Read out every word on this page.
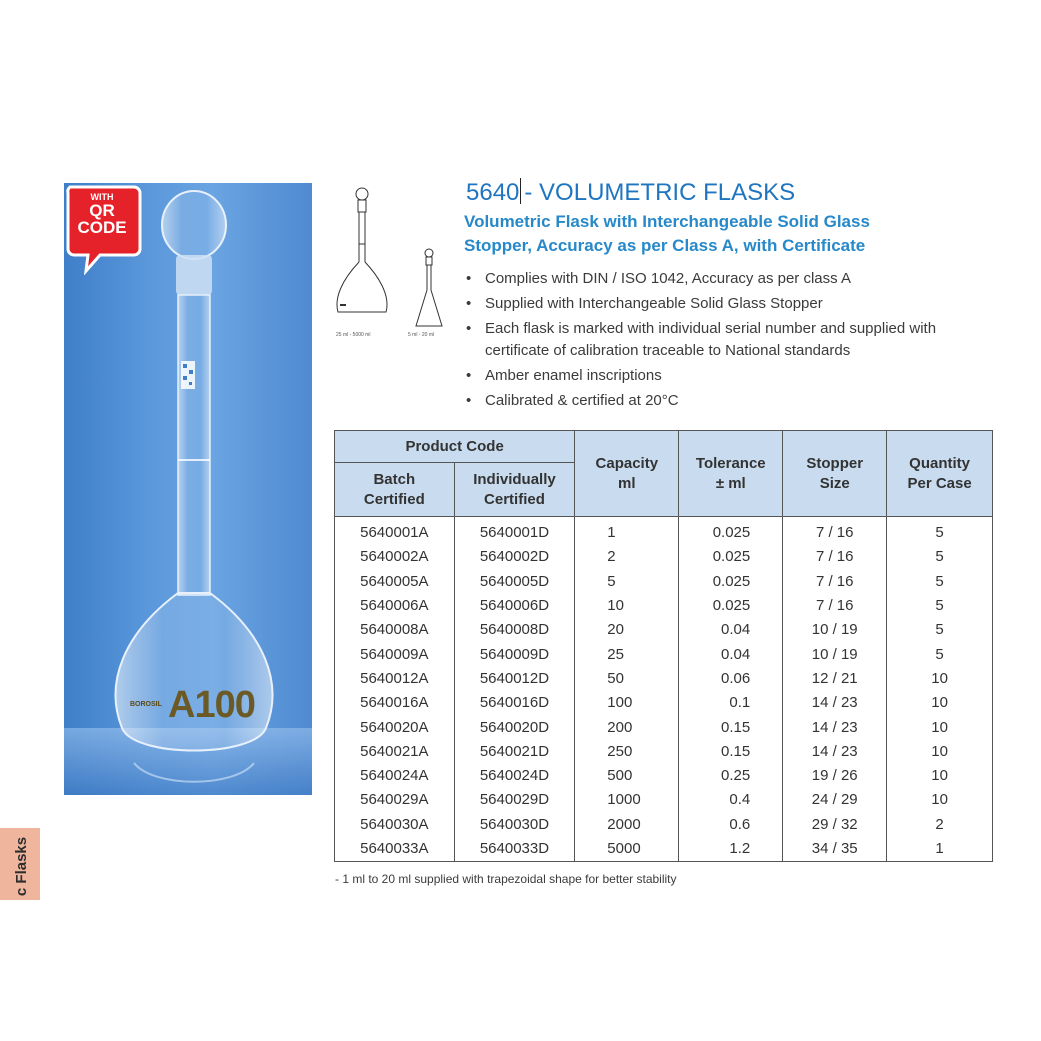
WITH
QR
CODE
BOROSIL A100
c Flasks
25 ml - 5000 ml	5 ml - 20 ml
5640 - VOLUMETRIC FLASKS
Volumetric Flask with Interchangeable Solid Glass
Stopper, Accuracy as per Class A, with Certificate
• Complies with DIN / ISO 1042, Accuracy as per class A
• Supplied with Interchangeable Solid Glass Stopper
• Each flask is marked with individual serial number and supplied with certificate of calibration traceable to National standards
• Amber enamel inscriptions
• Calibrated & certified at 20°C
Product Code		Capacity ml	Tolerance ± ml	Stopper Size	Quantity Per Case
Batch Certified	Individually Certified				
5640001A	5640001D	1	0.025	7 / 16	5
5640002A	5640002D	2	0.025	7 / 16	5
5640005A	5640005D	5	0.025	7 / 16	5
5640006A	5640006D	10	0.025	7 / 16	5
5640008A	5640008D	20	0.04	10 / 19	5
5640009A	5640009D	25	0.04	10 / 19	5
5640012A	5640012D	50	0.06	12 / 21	10
5640016A	5640016D	100	0.1	14 / 23	10
5640020A	5640020D	200	0.15	14 / 23	10
5640021A	5640021D	250	0.15	14 / 23	10
5640024A	5640024D	500	0.25	19 / 26	10
5640029A	5640029D	1000	0.4	24 / 29	10
5640030A	5640030D	2000	0.6	29 / 32	2
5640033A	5640033D	5000	1.2	34 / 35	1
- 1 ml to 20 ml supplied with trapezoidal shape for better stability
